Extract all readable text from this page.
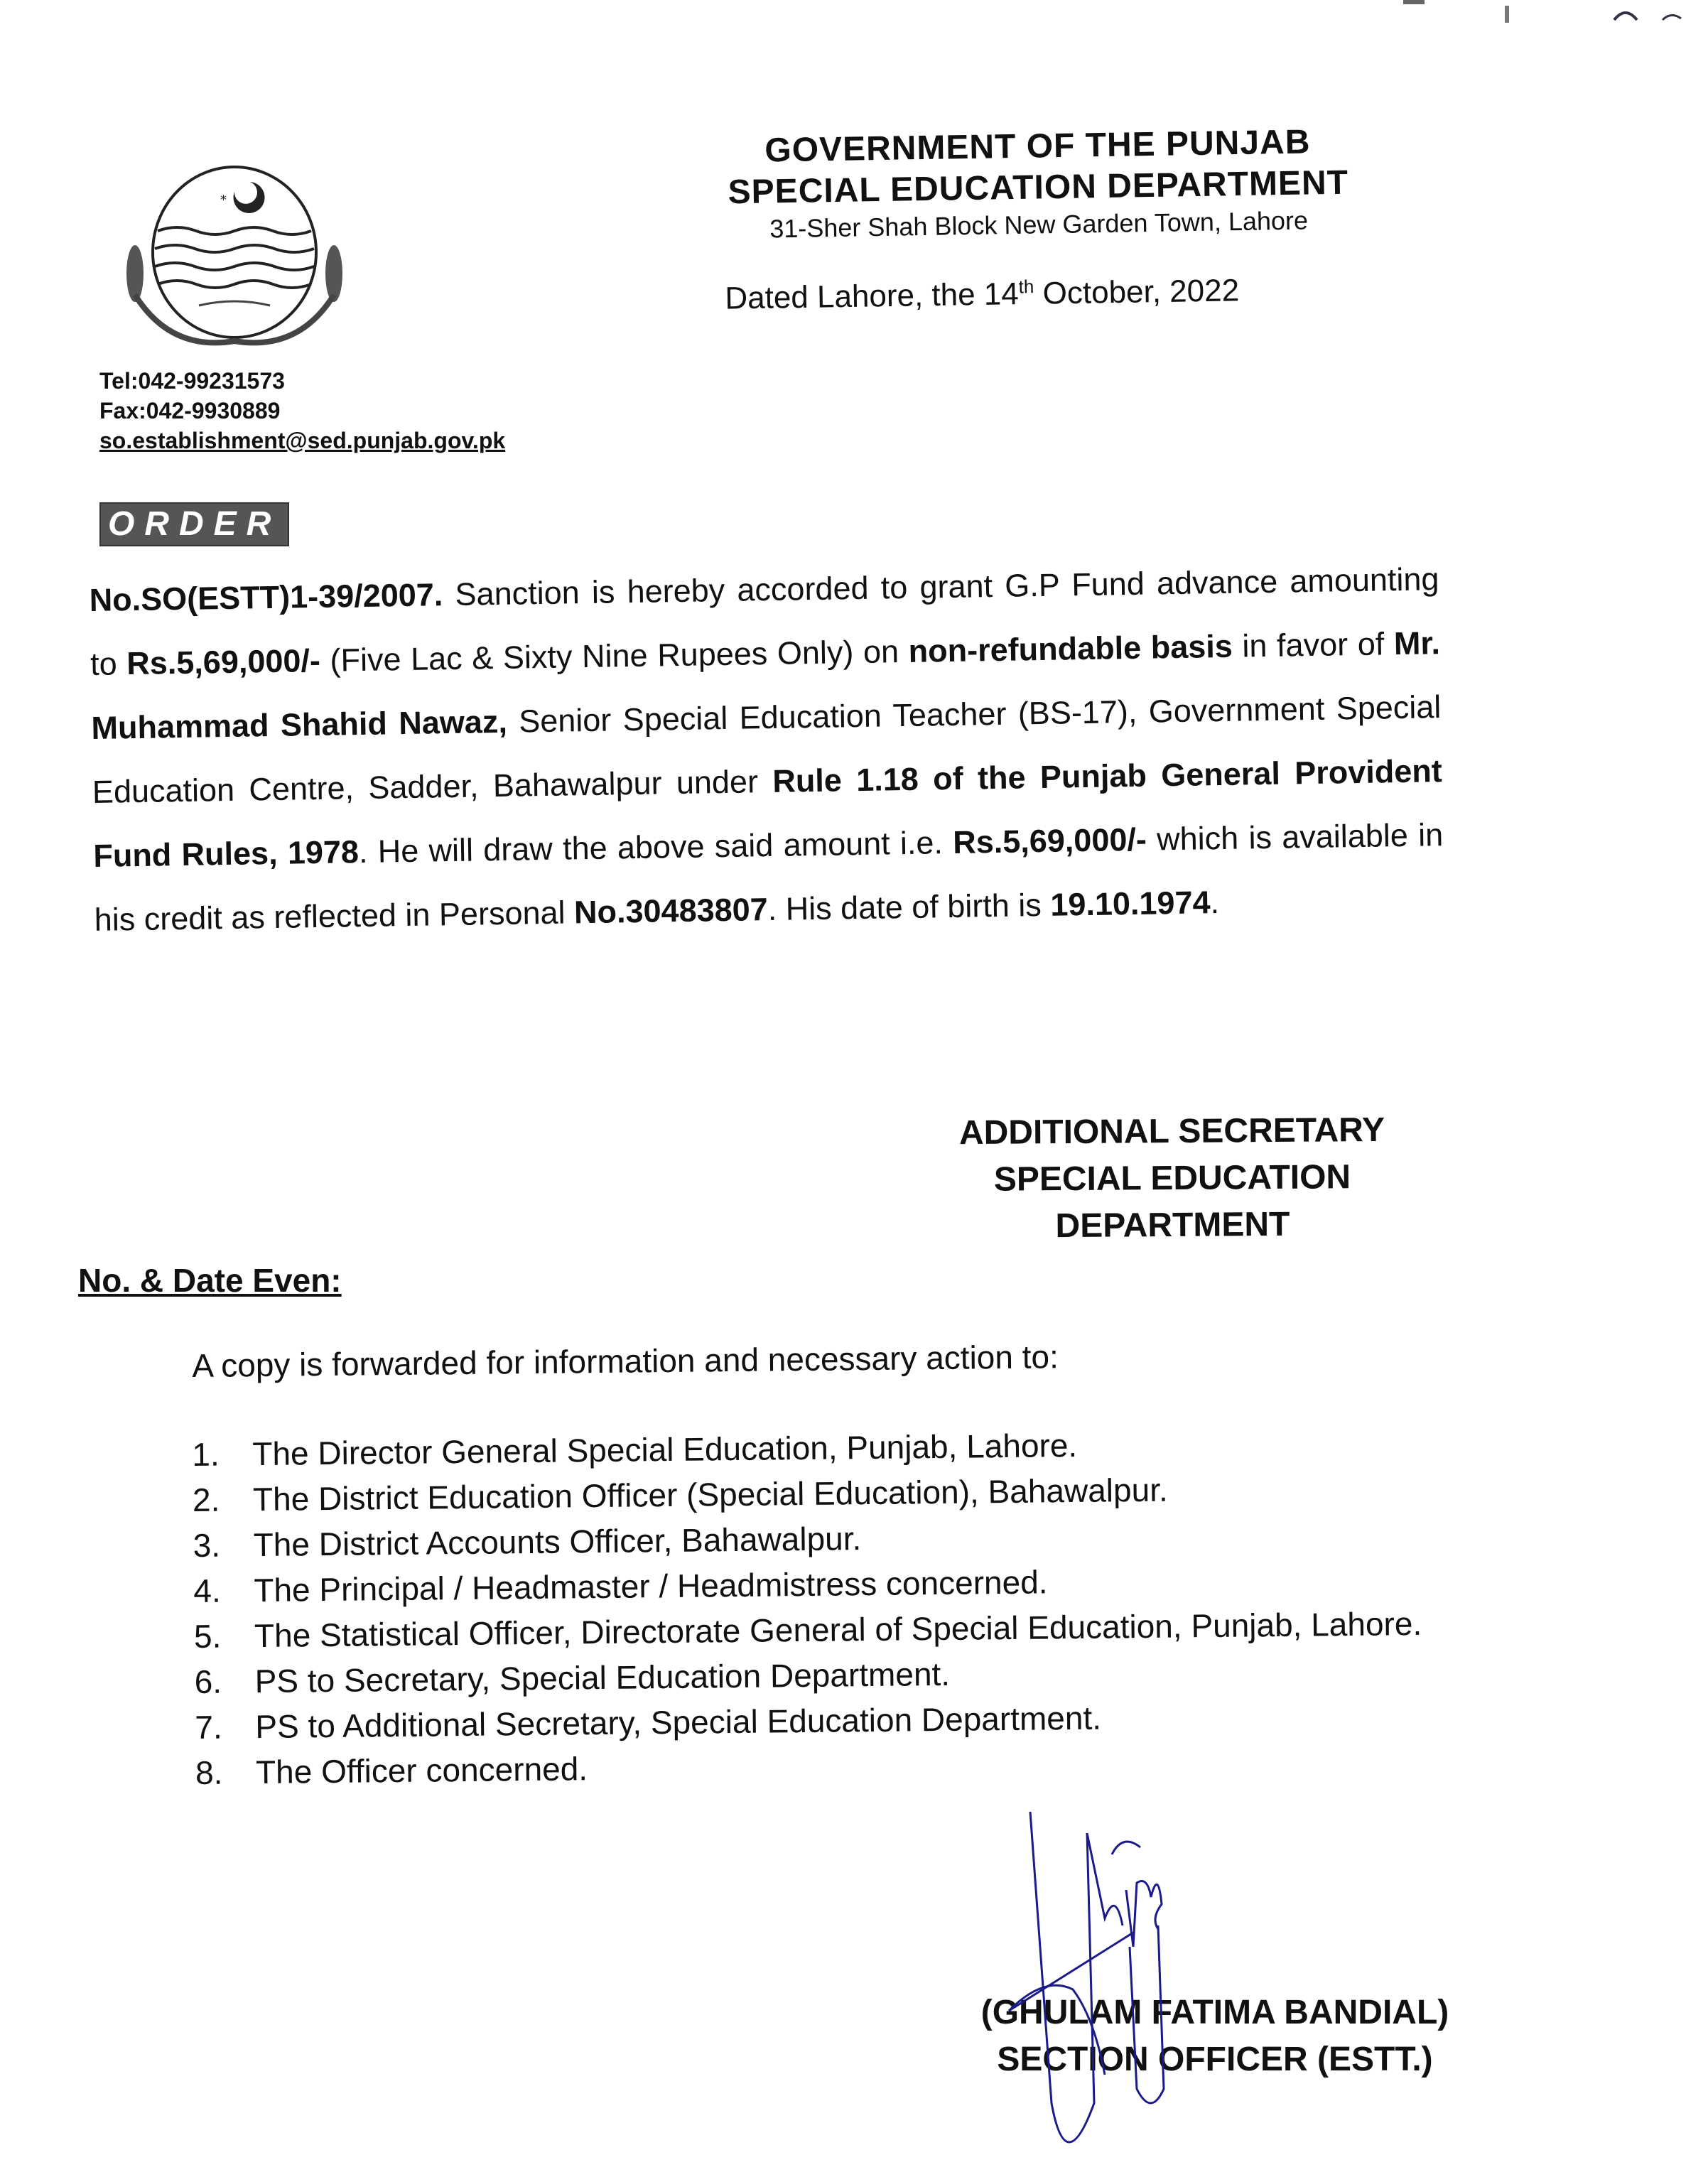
*
GOVERNMENT OF THE PUNJAB
SPECIAL EDUCATION DEPARTMENT
31-Sher Shah Block New Garden Town, Lahore
Dated Lahore, the 14th October, 2022
Tel:042-99231573
Fax:042-9930889
so.establishment@sed.punjab.gov.pk
ORDER
No.SO(ESTT)1-39/2007. Sanction is hereby accorded to grant G.P Fund advance amounting to Rs.5,69,000/- (Five Lac & Sixty Nine Rupees Only) on non-refundable basis in favor of Mr. Muhammad Shahid Nawaz, Senior Special Education Teacher (BS-17), Government Special Education Centre, Sadder, Bahawalpur under Rule 1.18 of the Punjab General Provident Fund Rules, 1978. He will draw the above said amount i.e. Rs.5,69,000/- which is available in his credit as reflected in Personal No.30483807. His date of birth is 19.10.1974.
ADDITIONAL SECRETARY
SPECIAL EDUCATION
DEPARTMENT
No. & Date Even:
A copy is forwarded for information and necessary action to:
1.	The Director General Special Education, Punjab, Lahore.
2.	The District Education Officer (Special Education), Bahawalpur.
3.	The District Accounts Officer, Bahawalpur.
4.	The Principal / Headmaster / Headmistress concerned.
5.	The Statistical Officer, Directorate General of Special Education, Punjab, Lahore.
6.	PS to Secretary, Special Education Department.
7.	PS to Additional Secretary, Special Education Department.
8.	The Officer concerned.
(GHULAM FATIMA BANDIAL)
SECTION OFFICER (ESTT.)
